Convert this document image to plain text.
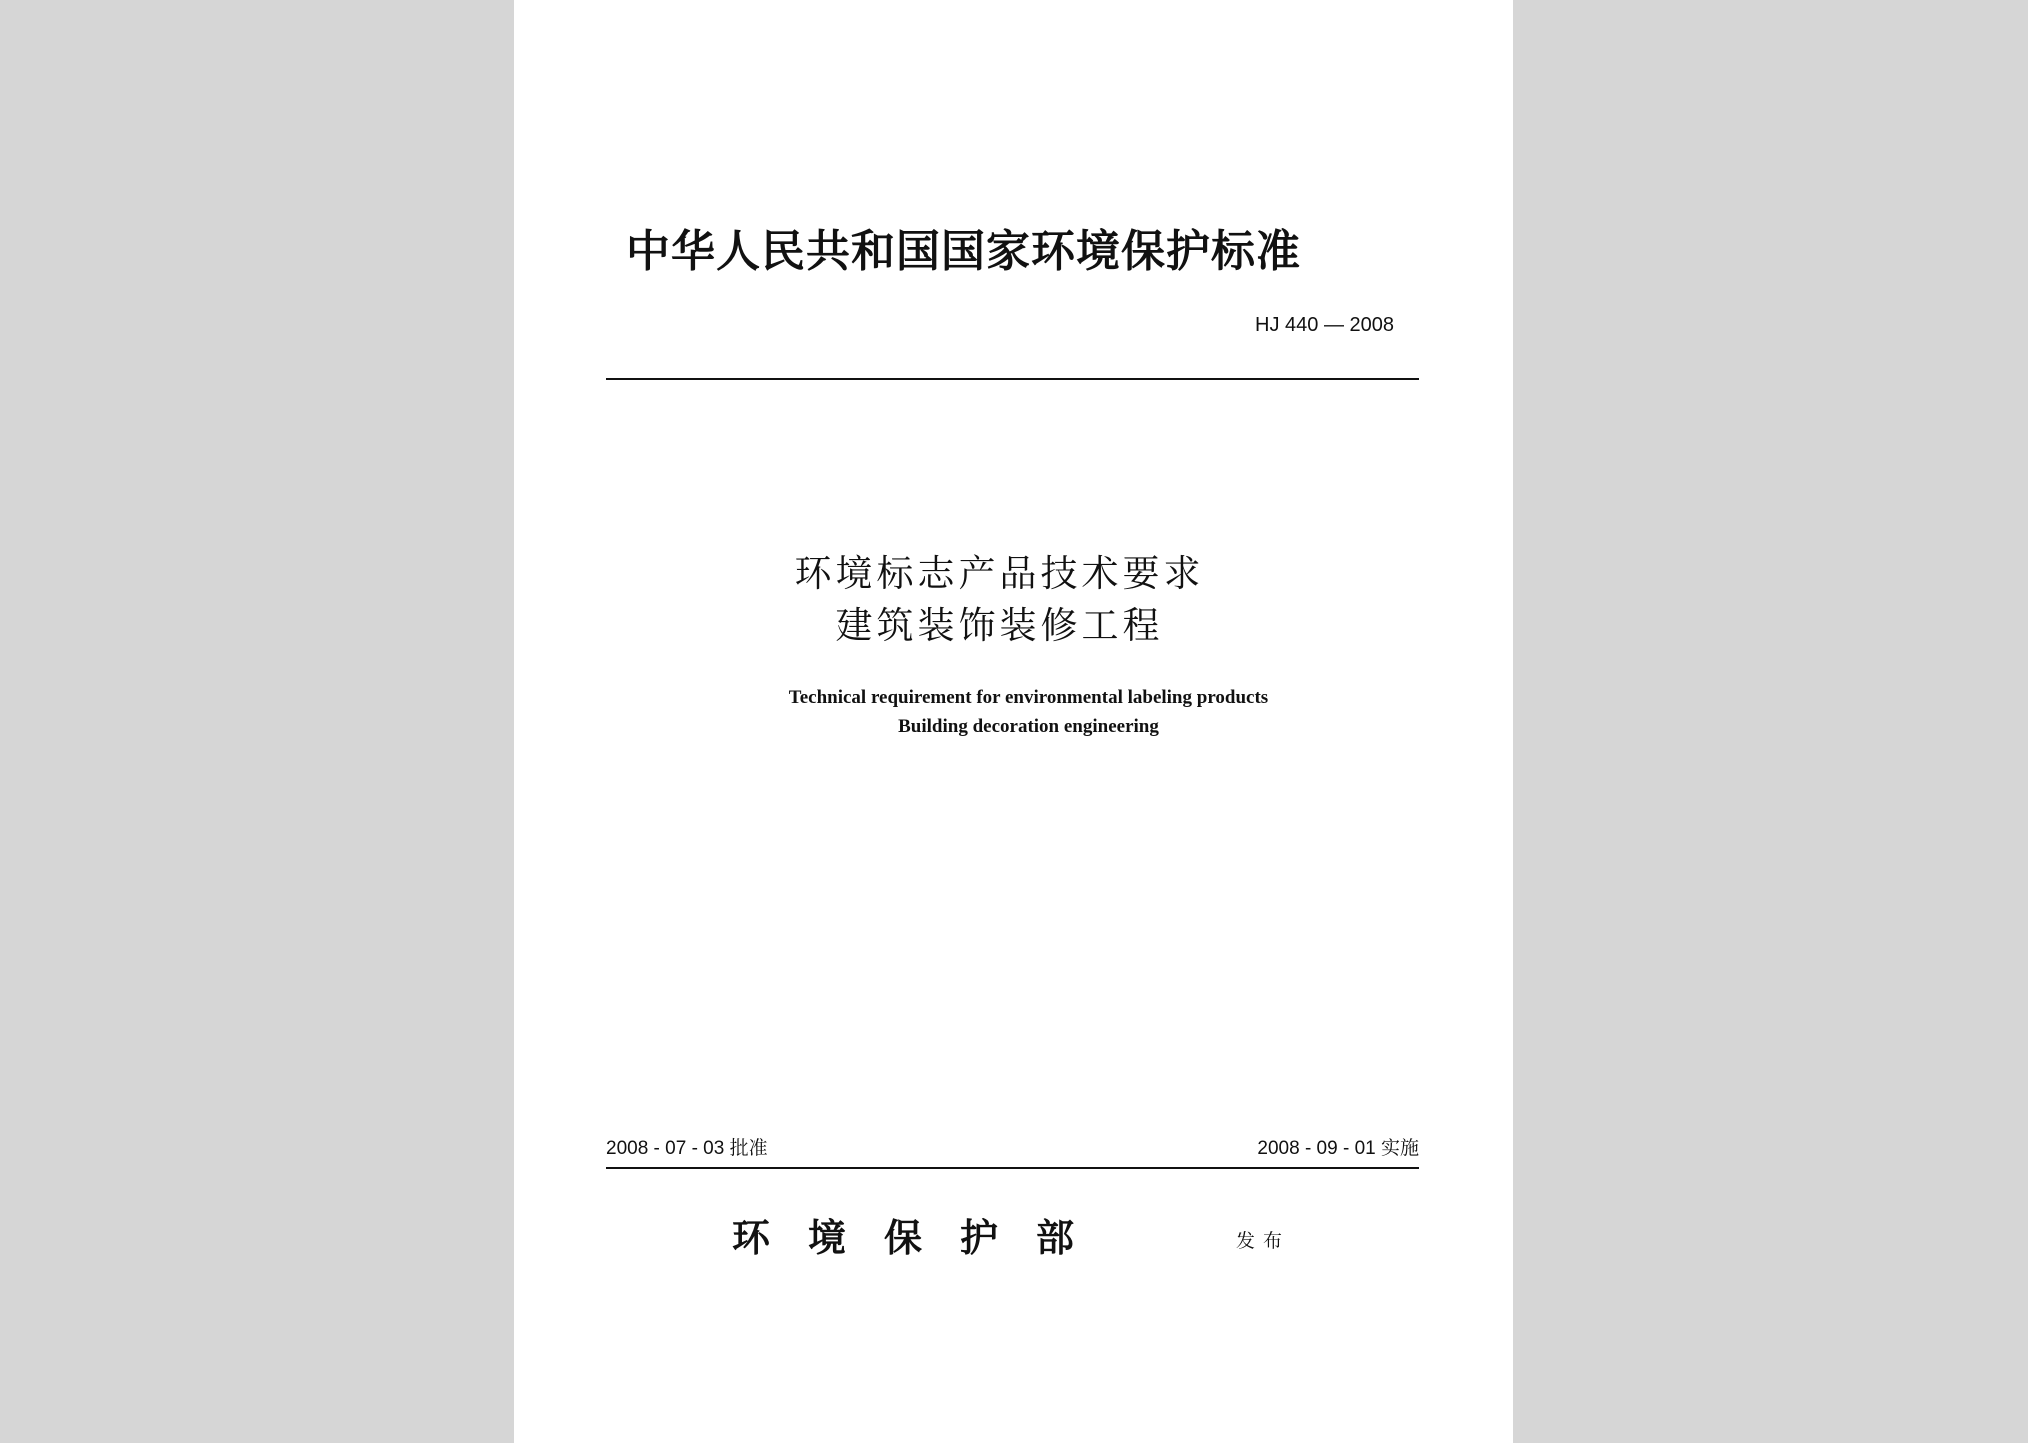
中华人民共和国国家环境保护标准
HJ 440 — 2008
环境标志产品技术要求
建筑装饰装修工程
Technical requirement for environmental labeling products
Building decoration engineering
2008 - 07 - 03 批准	2008 - 09 - 01 实施
环境保护部	发布
